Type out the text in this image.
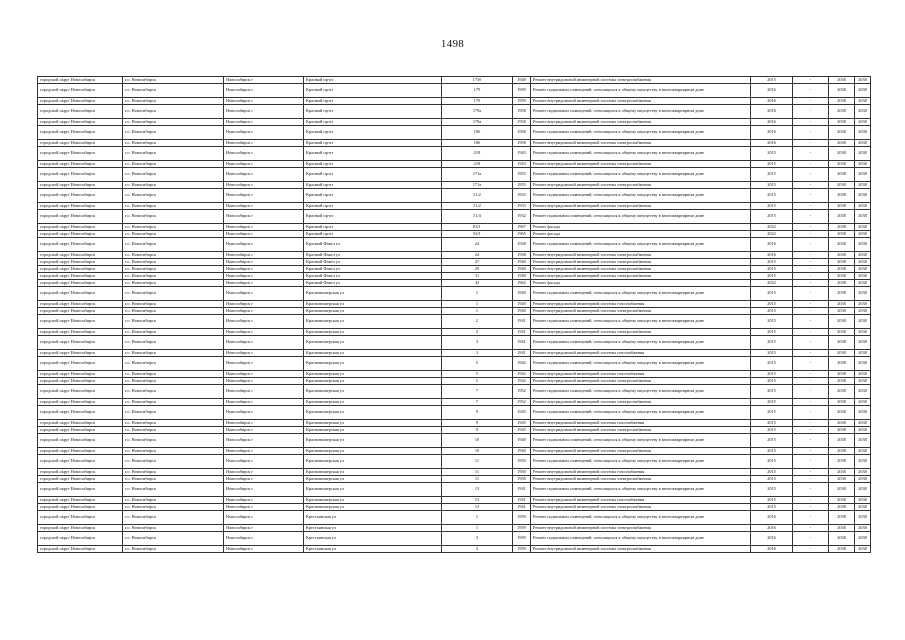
1498
городской округ Новосибирск	г.о. Новосибирск	Новосибирск г	Красный пр-кт	173б	1948	Ремонт внутридомовой инженерной системы электроснабжения	2015	-	2038	2038
городской округ Новосибирск	г.о. Новосибирск	Новосибирск г	Красный пр-кт	179	1959	Ремонт подвальных помещений, относящихся к общему имуществу в многоквартирном доме	2016	-	2038	2038
городской округ Новосибирск	г.о. Новосибирск	Новосибирск г	Красный пр-кт	179	1959	Ремонт внутридомовой инженерной системы электроснабжения	2016	-	2038	2038
городской округ Новосибирск	г.о. Новосибирск	Новосибирск г	Красный пр-кт	179а	1958	Ремонт подвальных помещений, относящихся к общему имуществу в многоквартирном доме	2016	-	2038	2038
городской округ Новосибирск	г.о. Новосибирск	Новосибирск г	Красный пр-кт	179а	1958	Ремонт внутридомовой инженерной системы электроснабжения	2016	-	2038	2038
городской округ Новосибирск	г.о. Новосибирск	Новосибирск г	Красный пр-кт	186	1958	Ремонт подвальных помещений, относящихся к общему имуществу в многоквартирном доме	2016	-	2038	2038
городской округ Новосибирск	г.о. Новосибирск	Новосибирск г	Красный пр-кт	186	1958	Ремонт внутридомовой инженерной системы электроснабжения	2016	-	2038	2038
городской округ Новосибирск	г.о. Новосибирск	Новосибирск г	Красный пр-кт	218	1943	Ремонт подвальных помещений, относящихся к общему имуществу в многоквартирном доме	2015	-	2038	2038
городской округ Новосибирск	г.о. Новосибирск	Новосибирск г	Красный пр-кт	218	1943	Ремонт внутридомовой инженерной системы электроснабжения	2015	-	2038	2038
городской округ Новосибирск	г.о. Новосибирск	Новосибирск г	Красный пр-кт	171а	1955	Ремонт подвальных помещений, относящихся к общему имуществу в многоквартирном доме	2015	-	2038	2038
городской округ Новосибирск	г.о. Новосибирск	Новосибирск г	Красный пр-кт	171а	1955	Ремонт внутридомовой инженерной системы электроснабжения	2015	-	2038	2038
городской округ Новосибирск	г.о. Новосибирск	Новосибирск г	Красный пр-кт	51/2	1933	Ремонт подвальных помещений, относящихся к общему имуществу в многоквартирном доме	2015	-	2038	2038
городской округ Новосибирск	г.о. Новосибирск	Новосибирск г	Красный пр-кт	51/2	1933	Ремонт внутридомовой инженерной системы электроснабжения	2015	-	2038	2038
городской округ Новосибирск	г.о. Новосибирск	Новосибирск г	Красный пр-кт	51/4	1932	Ремонт подвальных помещений, относящихся к общему имуществу в многоквартирном доме	2015	-	2038	2038
городской округ Новосибирск	г.о. Новосибирск	Новосибирск г	Красный пр-кт	83/1	1967	Ремонт фасада	2022	-	2038	2038
городской округ Новосибирск	г.о. Новосибирск	Новосибирск г	Красный пр-кт	92/1	1965	Ремонт фасада	2022	-	2038	2038
городской округ Новосибирск	г.о. Новосибирск	Новосибирск г	Красный Факел ул	24	1938	Ремонт подвальных помещений, относящихся к общему имуществу в многоквартирном доме	2016	-	2038	2038
городской округ Новосибирск	г.о. Новосибирск	Новосибирск г	Красный Факел ул	24	1938	Ремонт внутридомовой инженерной системы электроснабжения	2016	-	2038	2038
городской округ Новосибирск	г.о. Новосибирск	Новосибирск г	Красный Факел ул	27	1940	Ремонт внутридомовой инженерной системы электроснабжения	2015	-	2038	2038
городской округ Новосибирск	г.о. Новосибирск	Новосибирск г	Красный Факел ул	29	1940	Ремонт внутридомовой инженерной системы электроснабжения	2015	-	2038	2038
городской округ Новосибирск	г.о. Новосибирск	Новосибирск г	Красный Факел ул	31	1940	Ремонт внутридомовой инженерной системы электроснабжения	2015	-	2038	2038
городской округ Новосибирск	г.о. Новосибирск	Новосибирск г	Красный Факел ул	43	1962	Ремонт фасада	2022	-	2038	2038
городской округ Новосибирск	г.о. Новосибирск	Новосибирск г	Краснoвишерская ул	1	1940	Ремонт подвальных помещений, относящихся к общему имуществу в многоквартирном доме	2015	-	2038	2038
городской округ Новосибирск	г.о. Новосибирск	Новосибирск г	Краснoвишерская ул	1	1940	Ремонт внутридомовой инженерной системы газоснабжения	2015	-	2038	2038
городской округ Новосибирск	г.о. Новосибирск	Новосибирск г	Краснoвишерская ул	1	1940	Ремонт внутридомовой инженерной системы электроснабжения	2015	-	2038	2038
городской округ Новосибирск	г.о. Новосибирск	Новосибирск г	Краснoвишерская ул	2	1941	Ремонт подвальных помещений, относящихся к общему имуществу в многоквартирном доме	2015	-	2038	2038
городской округ Новосибирск	г.о. Новосибирск	Новосибирск г	Краснoвишерская ул	2	1941	Ремонт внутридомовой инженерной системы электроснабжения	2015	-	2038	2038
городской округ Новосибирск	г.о. Новосибирск	Новосибирск г	Краснoвишерская ул	3	1941	Ремонт подвальных помещений, относящихся к общему имуществу в многоквартирном доме	2015	-	2038	2038
городской округ Новосибирск	г.о. Новосибирск	Новосибирск г	Краснoвишерская ул	3	1941	Ремонт внутридомовой инженерной системы газоснабжения	2015	-	2038	2038
городской округ Новосибирск	г.о. Новосибирск	Новосибирск г	Краснoвишерская ул	5	1942	Ремонт подвальных помещений, относящихся к общему имуществу в многоквартирном доме	2015	-	2038	2038
городской округ Новосибирск	г.о. Новосибирск	Новосибирск г	Краснoвишерская ул	5	1942	Ремонт внутридомовой инженерной системы газоснабжения	2015	-	2038	2038
городской округ Новосибирск	г.о. Новосибирск	Новосибирск г	Краснoвишерская ул	5	1942	Ремонт внутридомовой инженерной системы электроснабжения	2015	-	2038	2038
городской округ Новосибирск	г.о. Новосибирск	Новосибирск г	Краснoвишерская ул	7	1952	Ремонт подвальных помещений, относящихся к общему имуществу в многоквартирном доме	2015	-	2038	2038
городской округ Новосибирск	г.о. Новосибирск	Новосибирск г	Краснoвишерская ул	7	1952	Ремонт внутридомовой инженерной системы электроснабжения	2015	-	2038	2038
городской округ Новосибирск	г.о. Новосибирск	Новосибирск г	Краснoвишерская ул	9	1945	Ремонт подвальных помещений, относящихся к общему имуществу в многоквартирном доме	2015	-	2038	2038
городской округ Новосибирск	г.о. Новосибирск	Новосибирск г	Краснoвишерская ул	9	1945	Ремонт внутридомовой инженерной системы газоснабжения	2015	-	2038	2038
городской округ Новосибирск	г.о. Новосибирск	Новосибирск г	Краснoвишерская ул	9	1945	Ремонт внутридомовой инженерной системы электроснабжения	2015	-	2038	2038
городской округ Новосибирск	г.о. Новосибирск	Новосибирск г	Краснoвишерская ул	10	1940	Ремонт подвальных помещений, относящихся к общему имуществу в многоквартирном доме	2015	-	2038	2038
городской округ Новосибирск	г.о. Новосибирск	Новосибирск г	Краснoвишерская ул	10	1940	Ремонт внутридомовой инженерной системы электроснабжения	2015	-	2038	2038
городской округ Новосибирск	г.о. Новосибирск	Новосибирск г	Краснoвишерская ул	11	1950	Ремонт подвальных помещений, относящихся к общему имуществу в многоквартирном доме	2015	-	2038	2038
городской округ Новосибирск	г.о. Новосибирск	Новосибирск г	Краснoвишерская ул	11	1950	Ремонт внутридомовой инженерной системы газоснабжения	2015	-	2038	2038
городской округ Новосибирск	г.о. Новосибирск	Новосибирск г	Краснoвишерская ул	11	1950	Ремонт внутридомовой инженерной системы электроснабжения	2015	-	2038	2038
городской округ Новосибирск	г.о. Новосибирск	Новосибирск г	Краснoвишерская ул	13	1941	Ремонт подвальных помещений, относящихся к общему имуществу в многоквартирном доме	2015	-	2038	2038
городской округ Новосибирск	г.о. Новосибирск	Новосибирск г	Краснoвишерская ул	13	1941	Ремонт внутридомовой инженерной системы газоснабжения	2015	-	2038	2038
городской округ Новосибирск	г.о. Новосибирск	Новосибирск г	Краснoвишерская ул	13	1941	Ремонт внутридомовой инженерной системы электроснабжения	2015	-	2038	2038
городской округ Новосибирск	г.о. Новосибирск	Новосибирск г	Крестьянская ул	1	1959	Ремонт подвальных помещений, относящихся к общему имуществу в многоквартирном доме	2016	-	2038	2038
городской округ Новосибирск	г.о. Новосибирск	Новосибирск г	Крестьянская ул	1	1959	Ремонт внутридомовой инженерной системы электроснабжения	2016	-	2038	2038
городской округ Новосибирск	г.о. Новосибирск	Новосибирск г	Крестьянская ул	3	1959	Ремонт подвальных помещений, относящихся к общему имуществу в многоквартирном доме	2016	-	2038	2038
городской округ Новосибирск	г.о. Новосибирск	Новосибирск г	Крестьянская ул	3	1959	Ремонт внутридомовой инженерной системы электроснабжения	2016	-	2038	2038
